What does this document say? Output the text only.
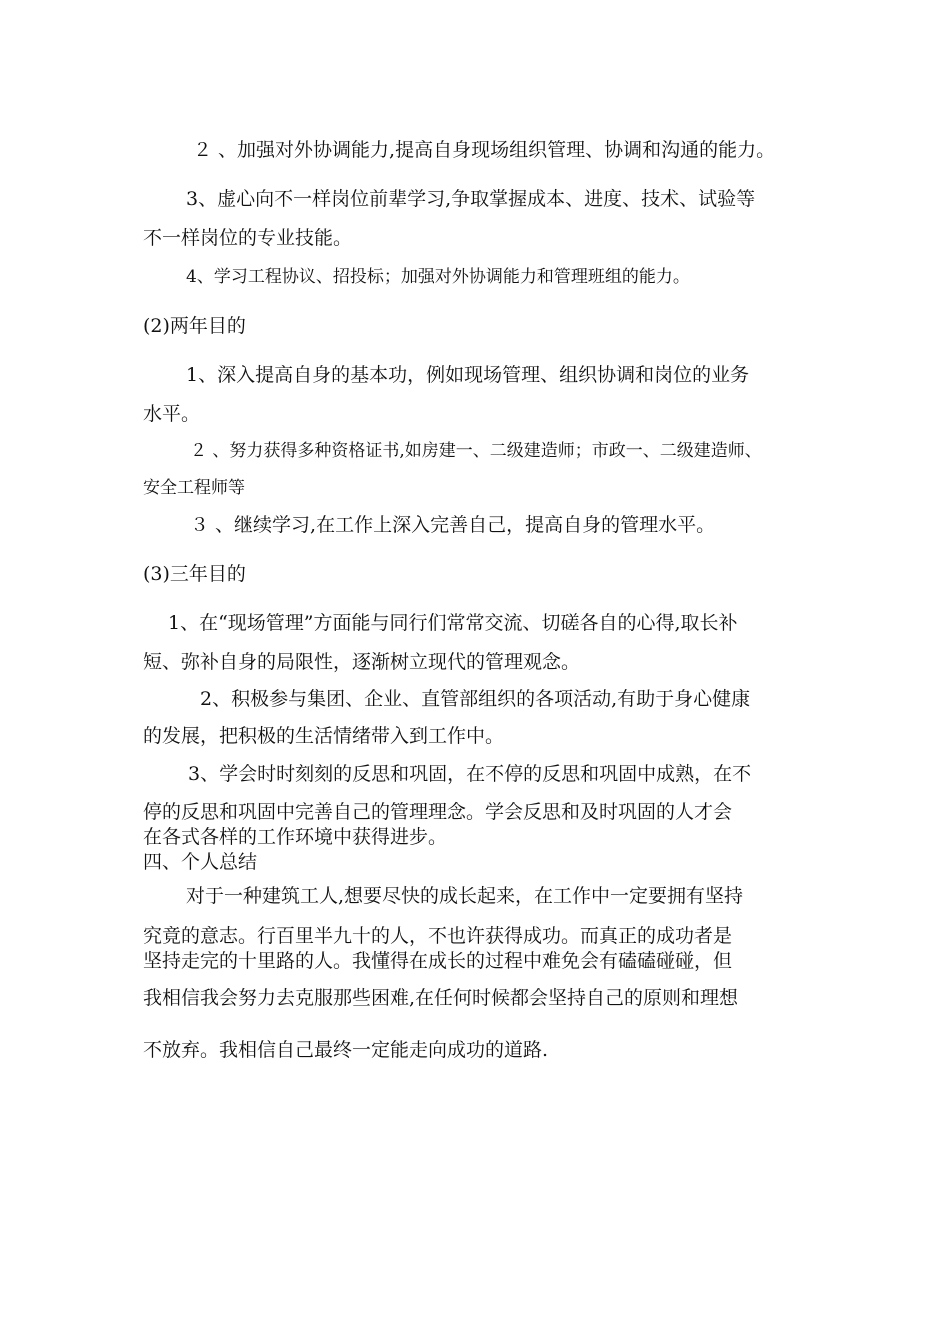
２ 、加强对外协调能力,提高自身现场组织管理、协调和沟通的能力。
3、虚心向不一样岗位前辈学习,争取掌握成本、进度、技术、试验等
不一样岗位的专业技能。
4、学习工程协议、招投标；加强对外协调能力和管理班组的能力。
(2)两年目的
1、深入提高自身的基本功，例如现场管理、组织协调和岗位的业务
水平。
２ 、努力获得多种资格证书,如房建一、二级建造师；市政一、二级建造师、
安全工程师等
３ 、继续学习,在工作上深入完善自己，提高自身的管理水平。
(3)三年目的
1、在“现场管理”方面能与同行们常常交流、切磋各自的心得,取长补
短、弥补自身的局限性，逐渐树立现代的管理观念。
2、积极参与集团、企业、直管部组织的各项活动,有助于身心健康
的发展，把积极的生活情绪带入到工作中。
3、学会时时刻刻的反思和巩固，在不停的反思和巩固中成熟，在不
停的反思和巩固中完善自己的管理理念。学会反思和及时巩固的人才会
在各式各样的工作环境中获得进步。
四、个人总结
对于一种建筑工人,想要尽快的成长起来，在工作中一定要拥有坚持
究竟的意志。行百里半九十的人，不也许获得成功。而真正的成功者是
坚持走完的十里路的人。我懂得在成长的过程中难免会有磕磕碰碰，但
我相信我会努力去克服那些困难,在任何时候都会坚持自己的原则和理想
不放弃。我相信自己最终一定能走向成功的道路.
